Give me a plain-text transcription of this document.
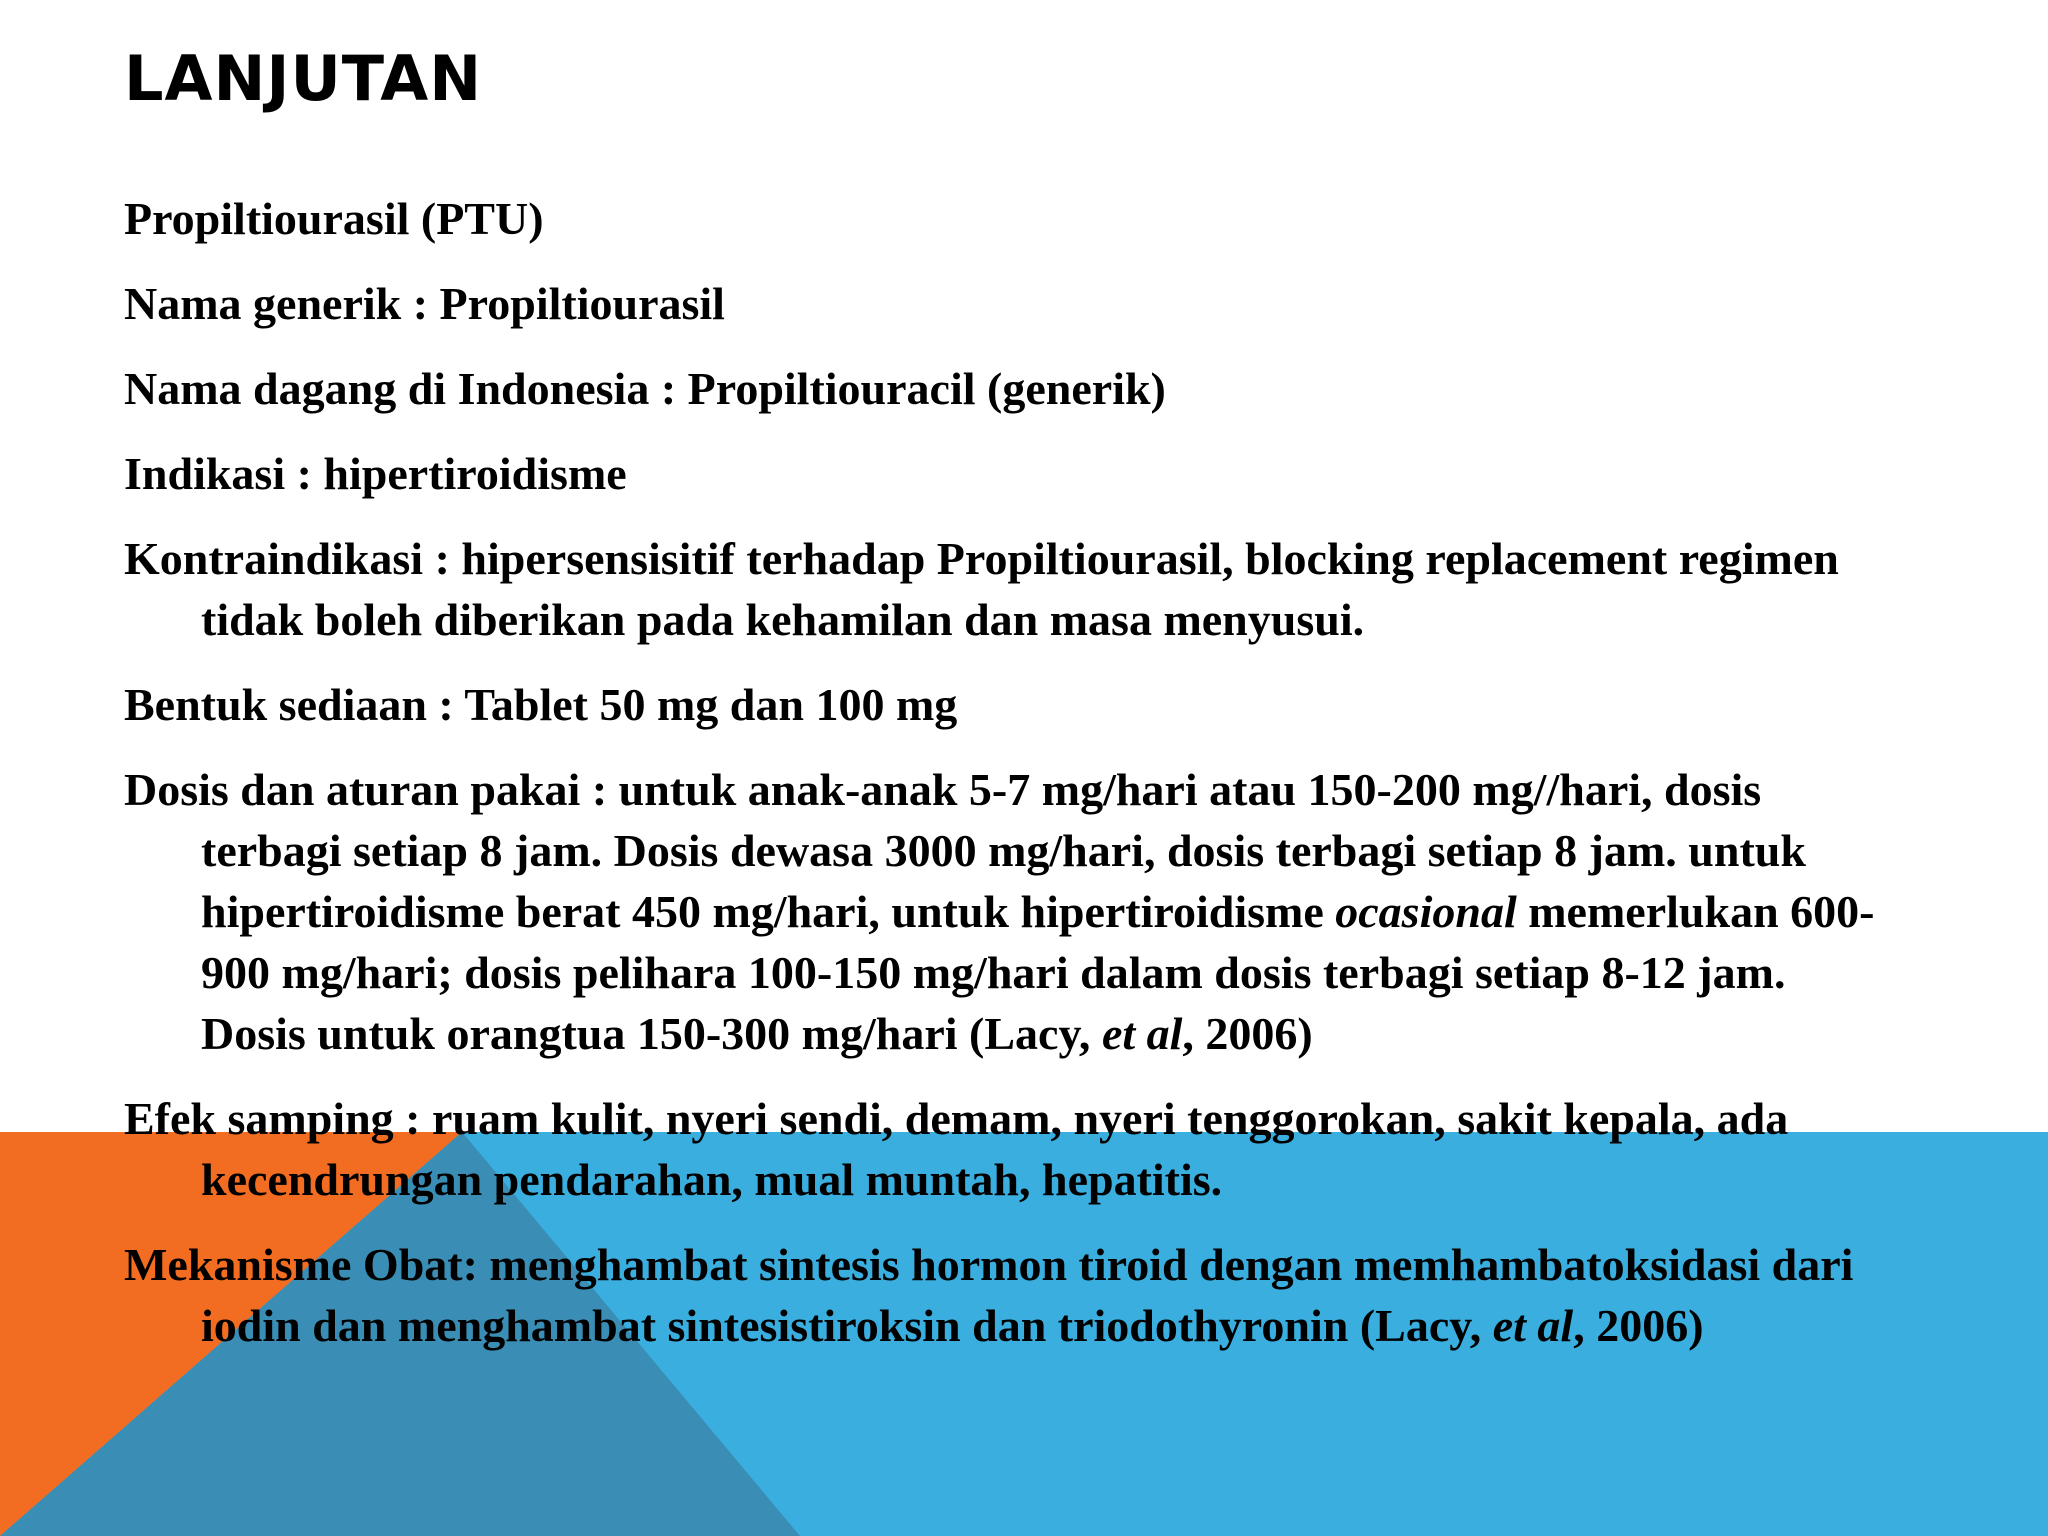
LANJUTAN

Propiltiourasil (PTU)

Nama generik : Propiltiourasil

Nama dagang di Indonesia : Propiltiouracil (generik)

Indikasi : hipertiroidisme

Kontraindikasi : hipersensisitif terhadap Propiltiourasil, blocking replacement regimen tidak boleh diberikan pada kehamilan dan masa menyusui.

Bentuk sediaan : Tablet 50 mg dan 100 mg

Dosis dan aturan pakai : untuk anak-anak 5-7 mg/hari atau 150-200 mg//hari, dosis terbagi setiap 8 jam. Dosis dewasa 3000 mg/hari, dosis terbagi setiap 8 jam. untuk hipertiroidisme berat 450 mg/hari, untuk hipertiroidisme ocasional memerlukan 600-900 mg/hari; dosis pelihara 100-150 mg/hari dalam dosis terbagi setiap 8-12 jam. Dosis untuk orangtua 150-300 mg/hari (Lacy, et al, 2006)

Efek samping : ruam kulit, nyeri sendi, demam, nyeri tenggorokan, sakit kepala, ada kecendrungan pendarahan, mual muntah, hepatitis.

Mekanisme Obat: menghambat sintesis hormon tiroid dengan memhambatoksidasi dari iodin dan menghambat sintesistiroksin dan triodothyronin (Lacy, et al, 2006)
